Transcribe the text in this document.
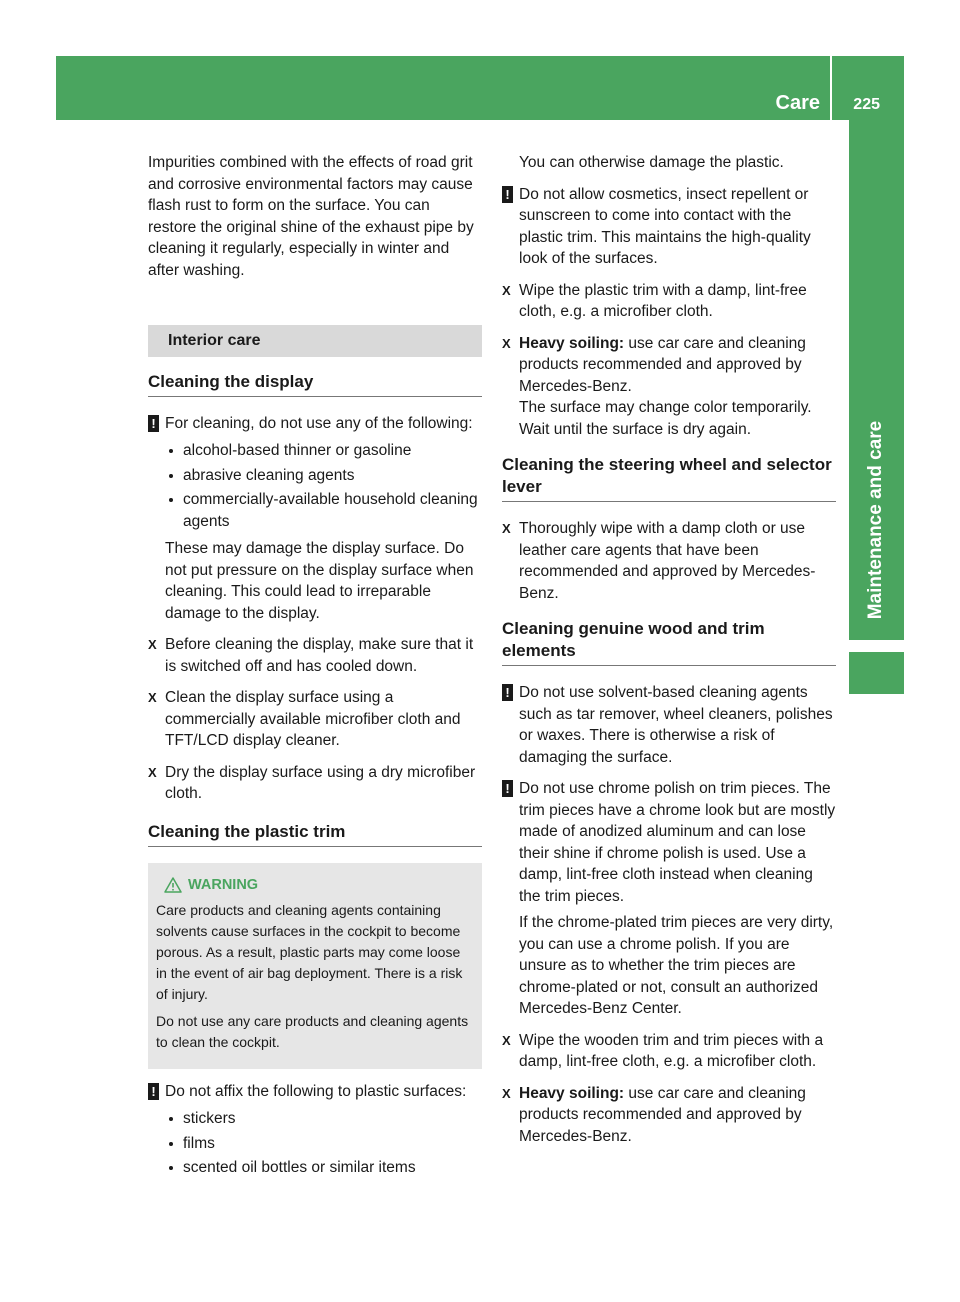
Care 225
Maintenance and care

Impurities combined with the effects of road grit and corrosive environmental factors may cause flash rust to form on the surface. You can restore the original shine of the exhaust pipe by cleaning it regularly, especially in winter and after washing.

Interior care
Cleaning the display
! For cleaning, do not use any of the following:

alcohol-based thinner or gasoline
abrasive cleaning agents
commercially-available household cleaning agents

These may damage the display surface. Do not put pressure on the display surface when cleaning. This could lead to irreparable damage to the display.

X Before cleaning the display, make sure that it is switched off and has cooled down.

X Clean the display surface using a commercially available microfiber cloth and TFT/LCD display cleaner.

X Dry the display surface using a dry microfiber cloth.

Cleaning the plastic trim
WARNING

Care products and cleaning agents containing solvents cause surfaces in the cockpit to become porous. As a result, plastic parts may come loose in the event of air bag deployment. There is a risk of injury.

Do not use any care products and cleaning agents to clean the cockpit.

! Do not affix the following to plastic surfaces:

stickers
films
scented oil bottles or similar items

You can otherwise damage the plastic.

! Do not allow cosmetics, insect repellent or sunscreen to come into contact with the plastic trim. This maintains the high-quality look of the surfaces.

X Wipe the plastic trim with a damp, lint-free cloth, e.g. a microfiber cloth.

X Heavy soiling: use car care and cleaning products recommended and approved by Mercedes-Benz.

The surface may change color temporarily. Wait until the surface is dry again.

Cleaning the steering wheel and selector lever
X Thoroughly wipe with a damp cloth or use leather care agents that have been recommended and approved by Mercedes-Benz.

Cleaning genuine wood and trim elements
! Do not use solvent-based cleaning agents such as tar remover, wheel cleaners, polishes or waxes. There is otherwise a risk of damaging the surface.

! Do not use chrome polish on trim pieces. The trim pieces have a chrome look but are mostly made of anodized aluminum and can lose their shine if chrome polish is used. Use a damp, lint-free cloth instead when cleaning the trim pieces.

If the chrome-plated trim pieces are very dirty, you can use a chrome polish. If you are unsure as to whether the trim pieces are chrome-plated or not, consult an authorized Mercedes-Benz Center.

X Wipe the wooden trim and trim pieces with a damp, lint-free cloth, e.g. a microfiber cloth.

X Heavy soiling: use car care and cleaning products recommended and approved by Mercedes-Benz.
